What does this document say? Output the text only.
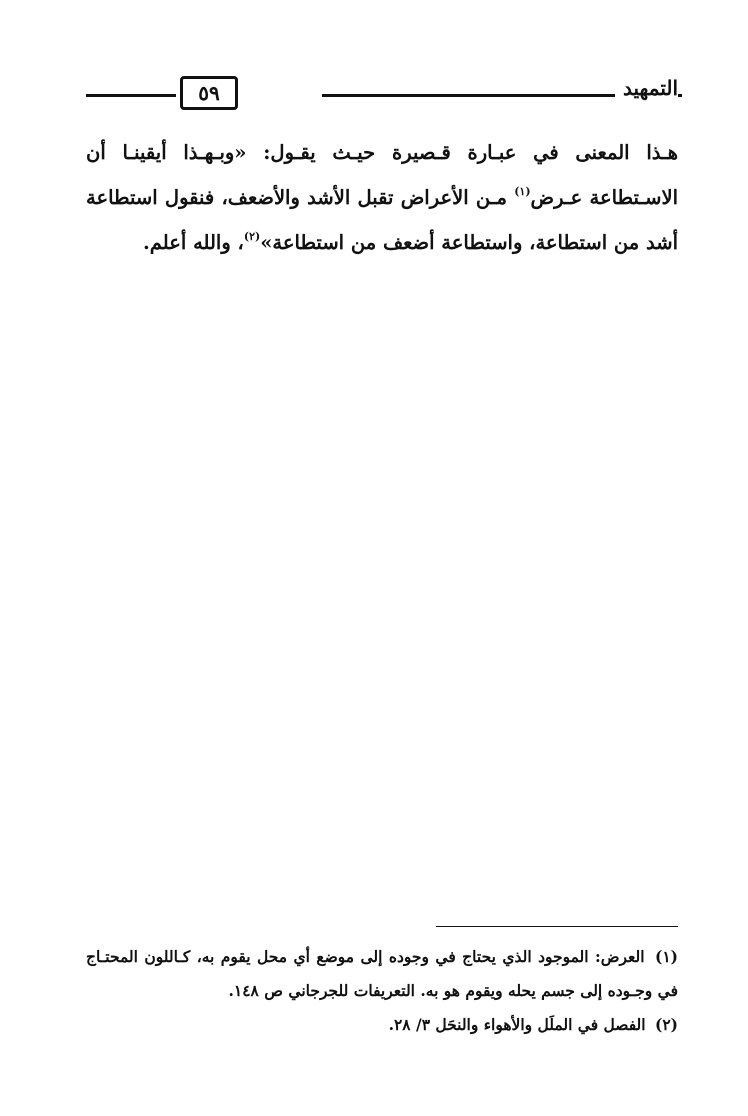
٥٩	التمهيد

هـذا المعنى في عبـارة قـصيرة حيـث يقـول: «وبـهـذا أيقينـا أن الاسـتطاعة عـرض$^{(١)}$ مـن الأعراض تقبل الأشد والأضعف، فنقول استطاعة أشد من استطاعة، واستطاعة أضعف من استطاعة»$^{(٢)}$، والله أعلم.

(١) العرض: الموجود الذي يحتاج في وجوده إلى موضع أي محل يقوم به، كـاللون المحتـاج في وجـوده إلى جسم يحله ويقوم هو به. التعريفات للجرجاني ص ١٤٨.

(٢) الفصل في الملَل والأهواء والنحَل ٣/ ٢٨.
